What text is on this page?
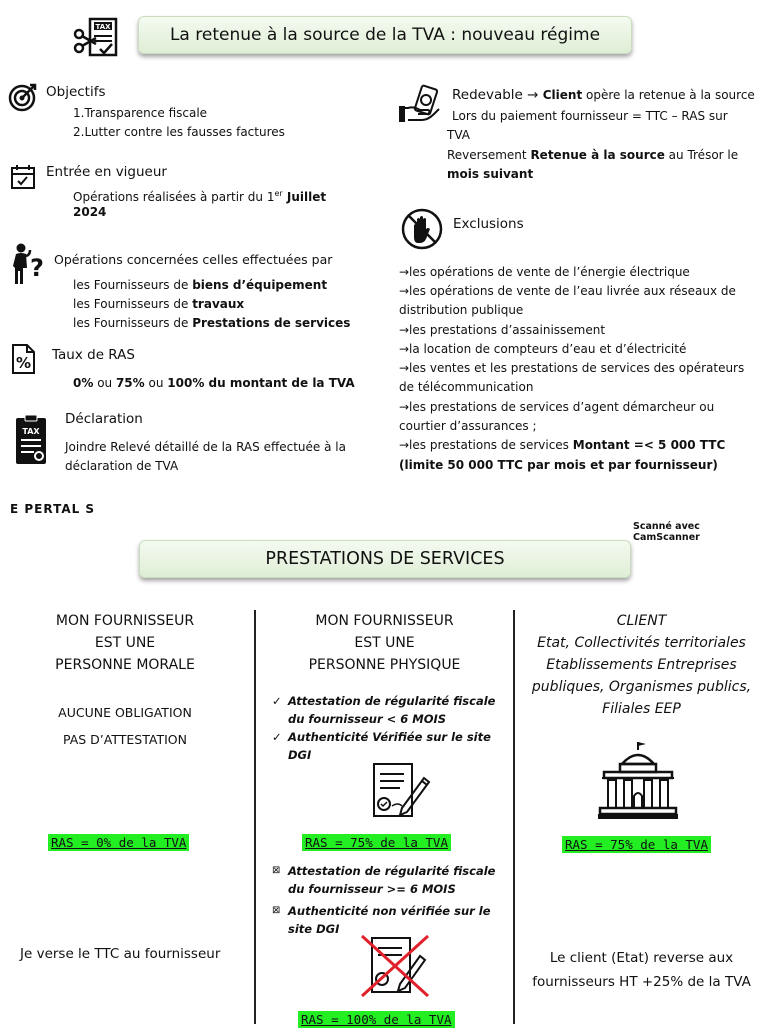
TAX	La retenue à la source de la TVA : nouveau régime
Objectifs
1.Transparence fiscale
2.Lutter contre les fausses factures
Entrée en vigueur
Opérations réalisées à partir du 1er Juillet
2024
? Opérations concernées celles effectuées par
les Fournisseurs de biens d’équipement
les Fournisseurs de travaux
les Fournisseurs de Prestations de services
% Taux de RAS
0% ou 75% ou 100% du montant de la TVA
TAX
Déclaration
Joindre Relevé détaillé de la RAS effectuée à la
déclaration de TVA
Redevable → Client opère la retenue à la source
Lors du paiement fournisseur = TTC – RAS sur
TVA
Reversement Retenue à la source au Trésor le
mois suivant
Exclusions
→les opérations de vente de l’énergie électrique
→les opérations de vente de l’eau livrée aux réseaux de
distribution publique
→les prestations d’assainissement
→la location de compteurs d’eau et d’électricité
→les ventes et les prestations de services des opérateurs
de télécommunication
→les prestations de services d’agent démarcheur ou
courtier d’assurances ;
→les prestations de services Montant =< 5 000 TTC
(limite 50 000 TTC par mois et par fournisseur)
E PERTAL S
Scanné avec CamScanner
PRESTATIONS DE SERVICES
MON FOURNISSEUR
EST UNE
PERSONNE MORALE
AUCUNE OBLIGATION
PAS D’ATTESTATION
RAS = 0% de la TVA
Je verse le TTC au fournisseur
MON FOURNISSEUR
EST UNE
PERSONNE PHYSIQUE
✓ Attestation de régularité fiscale
du fournisseur < 6 MOIS
✓ Authenticité Vérifiée sur le site
DGI
RAS = 75% de la TVA
⊠ Attestation de régularité fiscale
du fournisseur >= 6 MOIS
⊠ Authenticité non vérifiée sur le
site DGI
RAS = 100% de la TVA
CLIENT
Etat, Collectivités territoriales
Etablissements Entreprises
publiques, Organismes publics,
Filiales EEP
RAS = 75% de la TVA
Le client (Etat) reverse aux
fournisseurs HT +25% de la TVA
